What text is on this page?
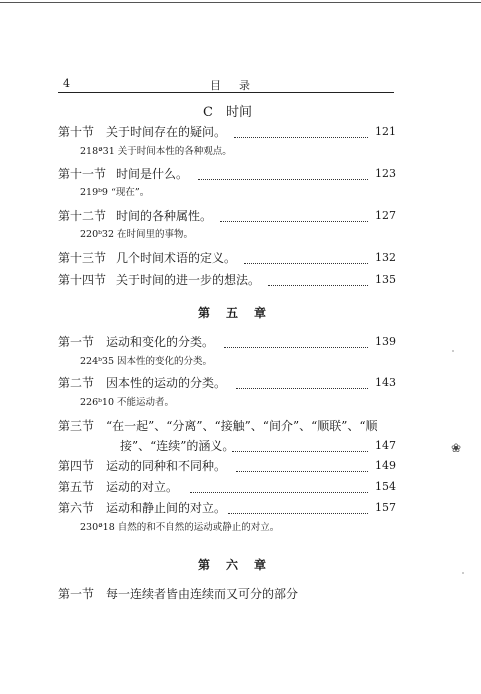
4	目 录
C　时间
第十节 关于时间存在的疑问。	121
218ª31 关于时间本性的各种观点。
第十一节 时间是什么。	123
219ᵇ9 “现在”。
第十二节 时间的各种属性。	127
220ᵇ32 在时间里的事物。
第十三节 几个时间术语的定义。	132
第十四节 关于时间的进一步的想法。	135
第 五 章
第一节 运动和变化的分类。	139
224ᵇ35 因本性的变化的分类。
第二节 因本性的运动的分类。	143
226ᵇ10 不能运动者。
第三节 “在一起”、“分离”、“接触”、“间介”、“顺联”、“顺
接”、“连续”的涵义。	147
第四节 运动的同种和不同种。	149
第五节 运动的对立。	154
第六节 运动和静止间的对立。	157
230ª18 自然的和不自然的运动或静止的对立。
第 六 章
第一节 每一连续者皆由连续而又可分的部分
❀
